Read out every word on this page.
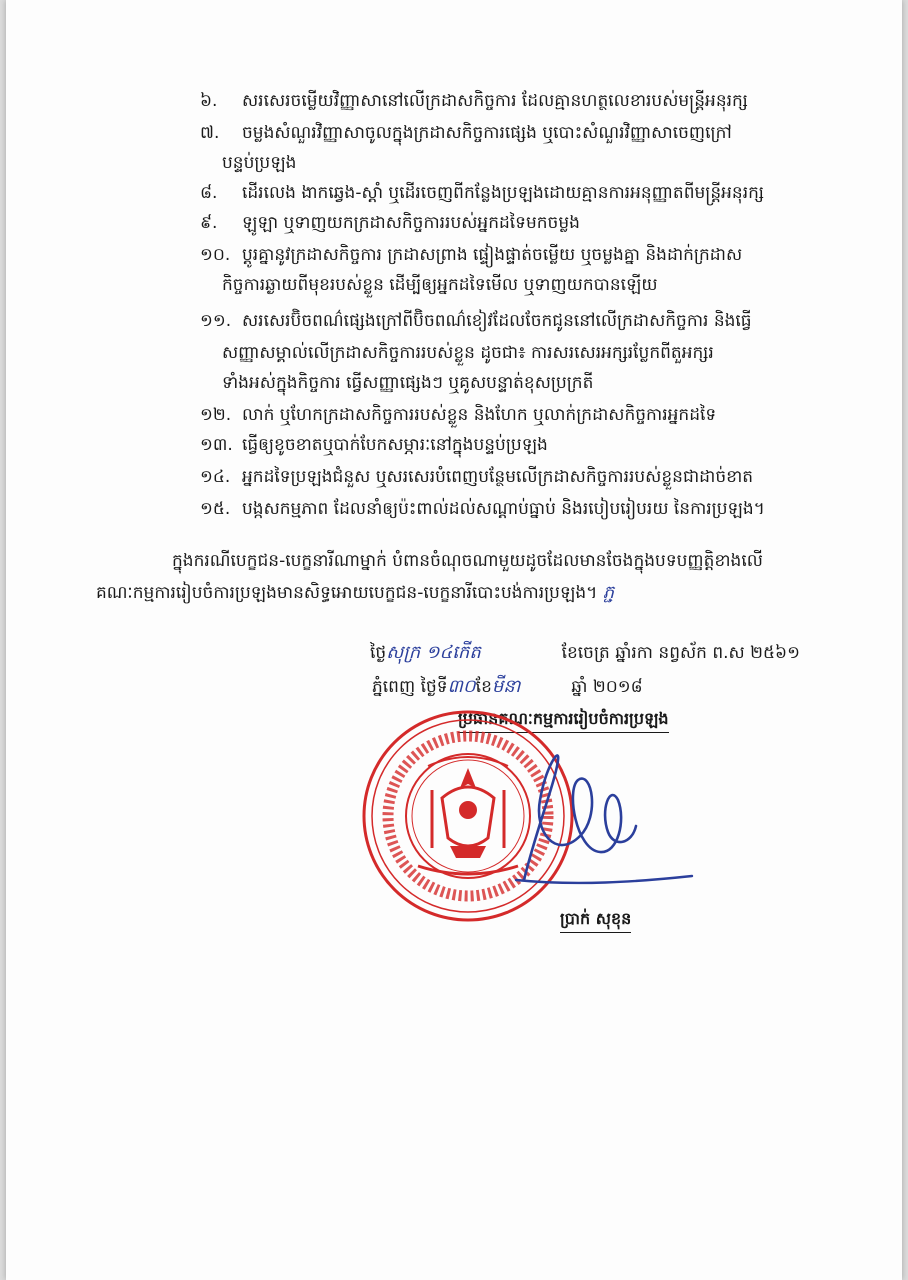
៦. សរសេរចម្លើយវិញ្ញាសានៅលើក្រដាសកិច្ចការ ដែលគ្មានហត្ថលេខារបស់មន្ត្រីអនុរក្ស
៧. ចម្លងសំណួរវិញ្ញាសាចូលក្នុងក្រដាសកិច្ចការផ្សេង ឬបោះសំណួរវិញ្ញាសាចេញក្រៅ
បន្ទប់ប្រឡង
៨. ដើរលេង ងាកឆ្វេង-ស្តាំ ឬដើរចេញពីកន្លែងប្រឡងដោយគ្មានការអនុញ្ញាតពីមន្ត្រីអនុរក្ស
៩. ឡូឡា ឬទាញយកក្រដាសកិច្ចការរបស់អ្នកដទៃមកចម្លង
១០. ប្តូរគ្នានូវក្រដាសកិច្ចការ ក្រដាសព្រាង ផ្ទៀងផ្ទាត់ចម្លើយ ឬចម្លងគ្នា និងដាក់ក្រដាស
កិច្ចការឆ្ងាយពីមុខរបស់ខ្លួន ដើម្បីឲ្យអ្នកដទៃមើល ឬទាញយកបានឡើយ
១១. សរសេរប៊ិចពណ៌ផ្សេងក្រៅពីប៊ិចពណ៌ខៀវដែលចែកជូននៅលើក្រដាសកិច្ចការ និងធ្វើ
សញ្ញាសម្គាល់លើក្រដាសកិច្ចការរបស់ខ្លួន ដូចជា៖ ការសរសេរអក្សរប្លែកពីតួអក្សរ
ទាំងអស់ក្នុងកិច្ចការ ធ្វើសញ្ញាផ្សេងៗ ឬគូសបន្ទាត់ខុសប្រក្រតី
១២. លាក់ ឬហែកក្រដាសកិច្ចការរបស់ខ្លួន និងហែក ឬលាក់ក្រដាសកិច្ចការអ្នកដទៃ
១៣. ធ្វើឲ្យខូចខាតឬបាក់បែកសម្ភារៈនៅក្នុងបន្ទប់ប្រឡង
១៤. អ្នកដទៃប្រឡងជំនួស ឬសរសេរបំពេញបន្ថែមលើក្រដាសកិច្ចការរបស់ខ្លួនជាដាច់ខាត
១៥. បង្កសកម្មភាព ដែលនាំឲ្យប៉ះពាល់ដល់សណ្តាប់ធ្នាប់ និងរបៀបរៀបរយ នៃការប្រឡង។
ក្នុងករណីបេក្ខជន-បេក្ខនារីណាម្នាក់ បំពានចំណុចណាមួយដូចដែលមានចែងក្នុងបទបញ្ញត្តិខាងលើ
គណៈកម្មការរៀបចំការប្រឡងមានសិទ្ធអោយបេក្ខជន-បេក្ខនារីបោះបង់ការប្រឡង។ ភ្ជ
ថ្ងៃសុក្រ ១៤កើត	ខែចេត្រ ឆ្នាំរកា នព្វស័ក ព.ស ២៥៦១
ភ្នំពេញ ថ្ងៃទី៣០ខែមីនា	ឆ្នាំ ២០១៨
ប្រធានគណៈកម្មការរៀបចំការប្រឡង
ប្រាក់ សុខុន
